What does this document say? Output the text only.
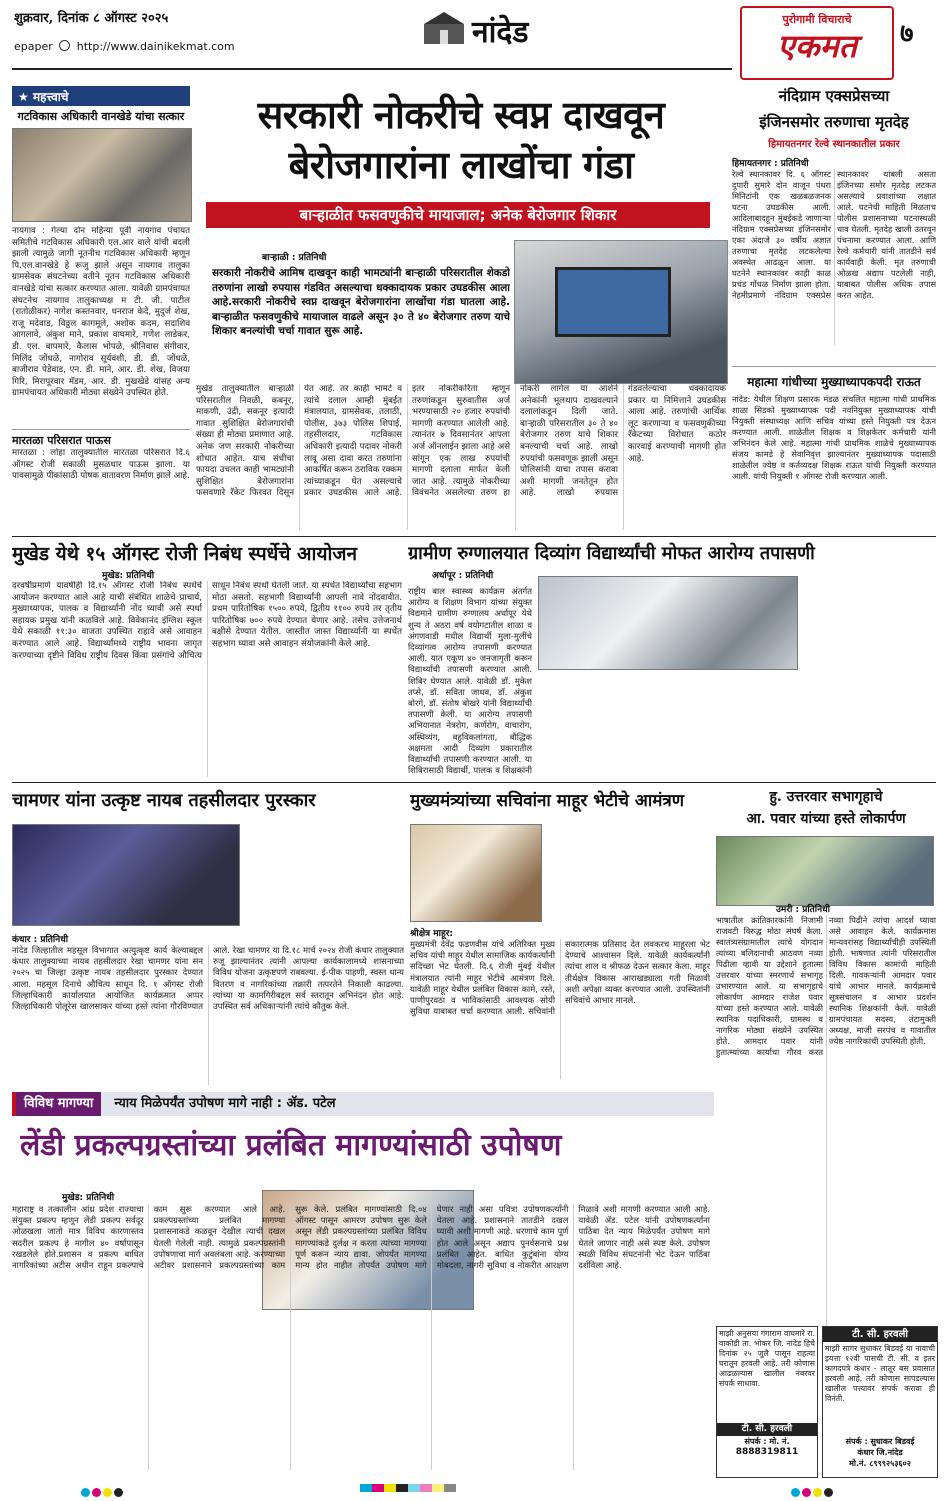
शुक्रवार, दिनांक ८ ऑगस्ट २०२५
epaper http://www.dainikekmat.com	नांदेड	पुरोगामी विचाराचे
एकमत	७
★ महत्त्वाचे
गटविकास अधिकारी वानखेडे यांचा सत्कार
नायगाव : गेल्या दोन महिन्या पूर्वी नायगाव पंचायत समितीचे गटविकास अधिकारी एल.आर वाले यांची बदली झाली त्यामुळे जागी नूतनीच गटविकास अधिकारी म्हणून पि.एल.वानखेडे हे रूजु झाले असून नायगाव तालुका ग्रामसेवक संघटनेच्या वतीने नूतन गटविकास अधिकारी वानखेडे यांचा सत्कार करण्यात आला. यावेळी ग्रामपंचायत संघटनेच नायगाव तालुकाध्यक्ष म टी. जी. पाटील (रातोळीकर) नागेश कस्तनवार, धनराज केदे, मुदुर्ज शेख, राजू मदेवाड, विठ्ठल कागमूले, अशोक कदम, सदाशिव आगलावे, अंकुश माने, प्रकाश वाघमारे, गणेश लाडेकर, डी. एल. बापमारे, कैलास भोपळे, श्रीनिवास संगीवार, मिलिंद जोंधळे, नागोराव सूर्यवंशी, डी. डी. जोंधळे, बाजीराव पेडेवाड, एन. डी. माने, आर. डी. शेख, विजया गिरि, मिरापूरवार मॅडम, आर. डी. मुखखेडे यांसह अन्य ग्रामपंचायत अधिकारी मोठ्या संख्येने उपस्थित होते.
मारतळा परिसरात पाऊस
मारतळा : लोहा तालुक्यातील मारतळा परिसरात दि.६ ऑगस्ट रोजी सकाळी मुसळधार पाऊस झाला. या पावसामुळे पीकांसाठी पोषक वातावरण निर्माण झाले आहे.
सरकारी नोकरीचे स्वप्न दाखवून
बेरोजगारांना लाखोंचा गंडा
बाऱ्हाळीत फसवणुकीचे मायाजाल; अनेक बेरोजगार शिकार
बाऱ्हाळी : प्रतिनिधी
सरकारी नोकरीचे आमिष दाखवून काही भामट्यांनी बाऱ्हाळी परिसरातील शेकडो तरुणांना लाखो रुपयास गंडवित असल्याचा धक्कादायक प्रकार उघडकीस आला आहे.सरकारी नोकरीचे स्वप्न दाखवून बेरोजगारांना लाखोंचा गंडा घातला आहे. बाऱ्हाळीत फसवणुकीचे मायाजाल वाढले असून ३० ते ४० बेरोजगार तरुण याचे शिकार बनल्यांची चर्चा गावात सुरू आहे.
मुखेड तालुक्यातील बाऱ्हाळी परिसरातील निवळी, कबनूर, माकणी, उंद्री, सकनूर इत्यादी गावात सुशिक्षित बेरोजगारांची संख्या ही मोठ्या प्रमाणात आहे. अनेक जण सरकारी नोकरीच्या शोधात आहेत. याच संधीचा फायदा उचलत काही भामट्यांनी सुशिक्षित बेरोजगारांना फसवणारे रॅकेट फिरवत दिसून येत आहे. तर काही भामटे व त्यांचे दलाल आम्ही मुंबईत मंत्रालयात, ग्रामसेवक, तलाठी, पोलीस, ३७३ पोलिस शिपाई, तहसीलदार, गटविकास अधिकारी इत्यादी पदावर नोकरी लावू असा दावा करत तरुणांना आकर्षित करून ठराविक रक्कम त्यांच्याकडून घेत असल्याचे प्रकार उघडकीस आले आहे. इतर नोकरीकरिता म्हणून तरुणांकडून सुरुवातीस अर्ज भरण्यासाठी २० हजार रुपयांची मागणी करण्यात आलेली आहे. त्यानंतर ७ दिवसानंतर आपला अर्ज ऑनलाईन झाला आहे असे सांगून एक लाख रुपयांची मागणी दलाला मार्फत केली जात आहे. त्यामुळे नोकरीच्या विवंचनेत असलेल्या तरुण हा नोकरी लागेल या आशेने अनेकांनी भूलथाप दाखवल्याने दलालांकडून दिली जाते. बाऱ्हाळी परिसरातील ३० ते ४० बेरोजगार तरुण याचे शिकार बनल्याची चर्चा आहे. लाखो रुपयांची फसवणूक झाली असून पोलिसांनी याचा तपास करावा अशी मागणी जनतेतून होत आहे. लाखो रुपयास गंडवलेल्याचा धक्कादायक प्रकार या निमित्ताने उघडकीस आला आहे. तरुणांची आर्थिक लूट करणाऱ्या व फसवणुकीच्या रॅकेटच्या विरोधात कठोर कारवाई करण्याची मागणी होत आहे.
नंदिग्राम एक्सप्रेसच्या
इंजिनसमोर तरुणाचा मृतदेह
हिमायतनगर रेल्वे स्थानकातील प्रकार
हिमायतनगर : प्रतिनिधी
रेल्वे स्थानकावर दि. ६ ऑगस्ट दुपारी सुमारे दोन वाजून पंधरा मिनिटांनी एक खळबळजनक घटना उघडकीस आली. आदिलाबादहून मुंबईकडे जाणाऱ्या नंदिग्राम एक्सप्रेसच्या इंजिनसमोर एका अंदाजे ३० वर्षीय अज्ञात तरुणाचा मृतदेह लटकलेल्या अवस्थेत आढळून आला. या घटनेने स्थानकावर काही काळ प्रचंड गोंधळ निर्माण झाला होता. नेहमीप्रमाणे नंदिग्राम एक्सप्रेस स्थानकावर थांबली असता इंजिनच्या समोर मृतदेह लटकत असल्याचे प्रवाशांच्या लक्षात आले. घटनेची माहिती मिळताच पोलीस प्रशासनाच्या घटनास्थळी धाव घेतली. मृतदेह खाली उतरवून पंचनामा करण्यात आला. आणि रेल्वे कर्मचारी यांनी तातडीने सर्व कार्यवाही केली. मृत तरुणाची ओळख अद्याप पटलेली नाही, याबाबत पोलीस अधिक तपास करत आहेत.
महात्मा गांधीच्या मुख्याध्यापकपदी राऊत
नांदेड: येथील शिक्षण प्रसारक मंडळ संचलित महात्मा गांधी प्राथमिक शाळा सिडको मुख्याध्यापक पदी नवनियुक्त मुख्याध्यापक यांची नियुक्ती संस्थाध्यक्ष आणि सचिव यांच्या हस्ते नियुक्ती पत्र देऊन करण्यात आली. शाळेतील शिक्षक व शिक्षकेतर कर्मचारी यांनी अभिनंदन केले आहे. महात्मा गांधी प्राथमिक शाळेचे मुख्याध्यापक संजय कामडे हे सेवानिवृत्त झाल्यानंतर मुख्याध्यापक पदासाठी शाळेतील ज्येष्ठ व कर्तव्यदक्ष शिक्षक राऊत यांची नियुक्ती करण्यात आली. यांची नियुक्ती १ ऑगस्ट रोजी करण्यात आली.
मुखेड येथे १५ ऑगस्ट रोजी निबंध स्पर्धेचे आयोजन
मुखेड: प्रतिनिधी
दरवर्षीप्रमाणे यावर्षीही दि.१५ ऑगस्ट रोजी निबंध स्पर्धेचे आयोजन करण्यात आले आहे याची संबंधित शाळेचे प्राचार्य, मुख्याध्यापक, पालक व विद्यार्थ्यांनी नोंद घ्यावी असे स्पर्धा सहायक प्रमुख यांनी कळविले आहे. विवेकानंद इंग्लिश स्कूल येथे सकाळी ११:३० वाजता उपस्थित राहावे असे आवाहन करण्यात आले आहे. विद्यार्थ्यांमध्ये राष्ट्रीय भावना जागृत करण्याच्या दृष्टीने विविध राष्ट्रीय दिवस किंवा प्रसंगांचे औचित्य साधून निबंध स्पर्धा घेतली जाते. या स्पर्धेत विद्यार्थ्यांचा सहभाग मोठा असतो. सहभागी विद्यार्थ्यांनी आपली नावे नोंदवावीत. प्रथम पारितोषिक १५०० रुपये, द्वितीय ११०० रुपये तर तृतीय पारितोषिक ७०० रुपये देण्यात येणार आहे. तसेच उत्तेजनार्थ बक्षीसे देण्यात येतील. जास्तीत जास्त विद्यार्थ्यांनी या स्पर्धेत सहभाग घ्यावा असे आवाहन संयोजकांनी केले आहे.
ग्रामीण रुग्णालयात दिव्यांग विद्यार्थ्यांची मोफत आरोग्य तपासणी
अर्धापूर : प्रतिनिधी
राष्ट्रीय बाल स्वास्थ्य कार्यक्रम अंतर्गत आरोग्य व शिक्षण विभाग यांच्या संयुक्त विद्यमाने ग्रामीण रुग्णालय अर्धापूर येथे शुन्य ते अठरा वर्ष वयोगटातील शाळा व अंगणवाडी मधील विद्यार्थी मुला-मुलींचे दिव्यांगत्व आरोग्य तपासणी करण्यात आली. यात एकूण ४० जनजागृती करून विद्यार्थ्यांची तपासणी करण्यात आली. शिबिर घेण्यात आले. यावेळी डॉ. मुकेश तप्से, डॉ. सविता जाधव, डॉ. अंकुश बोरगे, डॉ. संतोष बोखरे यांनी विद्यार्थ्यांची तपासणी केली. या आरोग्य तपासणी अभियानात नेत्ररोग, कर्णरोग, वाचारोग, अस्थिव्यंग, बहुविकलांगता, बौद्धिक अक्षमता आदी दिव्यांग प्रकारातील विद्यार्थ्यांची तपासणी करण्यात आली. या शिबिरासाठी विद्यार्थी, पालक व शिक्षकांनी
चामणर यांना उत्कृष्ट नायब तहसीलदार पुरस्कार
कंधार : प्रतिनिधी
नांदेड जिल्हातील महसूल विभागात अत्युत्कृष्ट कार्य केल्याबद्दल कंधार तालुक्याच्या नायब तहसीलदार रेखा चामणर यांना सन २०२५ चा जिल्हा उत्कृष्ट नायब तहसीलदार पुरस्कार देण्यात आला. महसूल दिनाचे औचित्य साधून दि. १ ऑगस्ट रोजी जिल्हाधिकारी कार्यालयात आयोजित कार्यक्रमात अप्पर जिल्हाधिकारी पोलूरेस खालसाकर यांच्या हस्ते त्यांना गौरविण्यात आले. रेखा चामणर या दि.१८ मार्च २०२४ रोजी कंधार तालुक्यात रुजू झाल्यानंतर त्यांनी आपल्या कार्यकालामध्ये शासनाच्या विविध योजना उत्कृष्टपणे राबवल्या. ई-पीक पाहणी, स्वस्त धान्य वितरण व नागरिकांच्या तक्रारी तत्परतेने निकाली काढल्या. त्यांच्या या कामगिरीबद्दल सर्व स्तरातून अभिनंदन होत आहे. उपस्थित सर्व अधिकाऱ्यांनी त्यांचे कौतुक केले.
मुख्यमंत्र्यांच्या सचिवांना माहूर भेटीचे आमंत्रण
श्रीक्षेत्र माहूर:
मुख्यमंत्री देवेंद्र फडणवीस यांचे अतिरिक्त मुख्य सचिव यांची माहूर येथील सामाजिक कार्यकर्त्यांनी सदिच्छा भेट घेतली. दि.६ रोजी मुंबई येथील मंत्रालयात त्यांनी माहूर भेटीचे आमंत्रण दिले. यावेळी माहूर येथील प्रलंबित विकास कामे, रस्ते, पाणीपुरवठा व भाविकांसाठी आवश्यक सोयी सुविधा याबाबत चर्चा करण्यात आली. सचिवांनी सकारात्मक प्रतिसाद देत लवकरच माहूरला भेट देण्याचे आश्वासन दिले. यावेळी कार्यकर्त्यांनी त्यांचा शाल व श्रीफळ देऊन सत्कार केला. माहूर तीर्थक्षेत्र विकास आराखड्याला गती मिळावी अशी अपेक्षा व्यक्त करण्यात आली. उपस्थितांनी सचिवांचे आभार मानले.
हु. उत्तरवार सभागृहाचे
आ. पवार यांच्या हस्ते लोकार्पण
उमरी : प्रतिनिधी
भाषातील क्रांतिकारकांनी निजामी राजवटी विरुद्ध मोठा संघर्ष केला. स्वातंत्र्यसंग्रामातील त्यांचे योगदान त्यांच्या बलिदानाची आठवण नव्या पिढीला व्हावी या उद्देशाने हुतात्मा उत्तरवार यांच्या स्मरणार्थ सभागृह उभारण्यात आले. या सभागृहाचे लोकार्पण आमदार राजेश पवार यांच्या हस्ते करण्यात आले. यावेळी स्थानिक पदाधिकारी, ग्रामस्थ व नागरिक मोठ्या संख्येने उपस्थित होते. आमदार पवार यांनी हुतात्म्यांच्या कार्याचा गौरव करत नव्या पिढीने त्यांचा आदर्श घ्यावा असे आवाहन केले. कार्यक्रमास मान्यवरांसह विद्यार्थ्यांचीही उपस्थिती होती. भाषणात त्यांनी परिसरातील विविध विकास कामांची माहिती दिली. गावकऱ्यांनी आमदार पवार यांचे आभार मानले. कार्यक्रमाचे सूत्रसंचालन व आभार प्रदर्शन स्थानिक शिक्षकांनी केले. यावेळी ग्रामपंचायत सदस्य, तंटामुक्ती अध्यक्ष, माजी सरपंच व गावातील ज्येष्ठ नागरिकांची उपस्थिती होती.
विविध मागण्या न्याय मिळेपर्यंत उपोषण मागे नाही : ॲड. पटेल
लेंडी प्रकल्पग्रस्तांच्या प्रलंबित मागण्यांसाठी उपोषण
मुखेड: प्रतिनिधी
महाराष्ट्र व तत्कालीन आंध्र प्रदेश राज्याचा संयुक्त प्रकल्प म्हणून लेंडी प्रकल्प सर्वदूर ओळखला जातो मात्र विविध कारणास्तव सदरील प्रकल्प हे मागील ४० वर्षांपासून रखडलेले होते.प्रशासन व प्रकल्प बाधित नागरिकांच्या अटीस अधीन राहून प्रकल्पाचे काम सुरू करण्यात आले आहे. प्रकल्पग्रस्तांच्या प्रलंबित मागण्या प्रशासनाकडे कळवून देखील त्याची दखल घेतली गेलेली नाही. त्यामुळे प्रकल्पग्रस्तांनी उपोषणाचा मार्ग अवलंबला आहे. करण्याच्या अटीवर प्रशासनाने प्रकल्पग्रस्तांच्या काम सुरू केले. प्रलंबित मागण्यांसाठी दि.०४ ऑगस्ट पासून आमरण उपोषण सुरू केले असून लेंडी प्रकल्पग्रस्तांच्या प्रलंबित विविध मागण्यांकडे दुर्लक्ष न करता त्यांच्या मागण्या पूर्ण करून न्याय द्यावा. जोपर्यंत मागण्या मान्य होत नाहीत तोपर्यंत उपोषण मागे घेणार नाही असा पवित्रा उपोषणकर्त्यांनी घेतला आहे. प्रशासनाने तातडीने दखल घ्यावी अशी मागणी आहे. धरणाचे काम पूर्ण होत आले असून अद्याप पुनर्वसनाचे प्रश्न प्रलंबित आहेत. बाधित कुटुंबांना योग्य मोबदला, नागरी सुविधा व नोकरीत आरक्षण मिळावे अशी मागणी करण्यात आली आहे. यावेळी ॲड. पटेल यांनी उपोषणकर्त्यांना पाठिंबा देत न्याय मिळेपर्यंत उपोषण मागे घेतले जाणार नाही असे स्पष्ट केले. उपोषण स्थळी विविध संघटनांनी भेट देऊन पाठिंबा दर्शविला आहे.
माझी अनुसया गंगाराम वाघमारे रा. वाकोडी ता. भोकर जि. नांदेड हिचे दिनांक २५ जुलै पासून राहत्या घरातून हरवली आहे. तरी कोणास आढळल्यास खालील नंबरवर संपर्क साधावा.
टी. सी. हरवली
संपर्क : मो. नं.
8888319811
टी. सी. हरवली
माझी सागर सुधाकर बिडवई या नावाची इयत्ता १२वी पासची टी. सी. व इतर कागदपत्रे कंधार - लातूर बस प्रवासात हरवली आहे. तरी कोणास सापडल्यास खालील पत्त्यावर संपर्क करावा ही विनंती.
संपर्क : सुधाकर बिडवई
कंधार जि.नांदेड
मो.नं. ८९९९२५३६०२
